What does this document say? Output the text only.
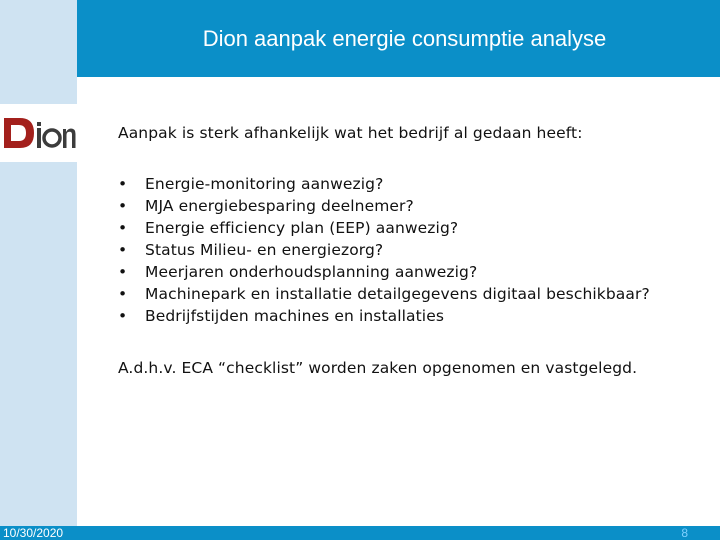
Dion aanpak energie consumptie analyse

Aanpak is sterk afhankelijk wat het bedrijf al gedaan heeft:

•	Energie-monitoring aanwezig?
•	MJA energiebesparing deelnemer?
•	Energie efficiency plan (EEP) aanwezig?
•	Status Milieu- en energiezorg?
•	Meerjaren onderhoudsplanning aanwezig?
•	Machinepark en installatie detailgegevens digitaal beschikbaar?
•	Bedrijfstijden machines en installaties

A.d.h.v. ECA “checklist” worden zaken opgenomen en vastgelegd.

10/30/2020	8
